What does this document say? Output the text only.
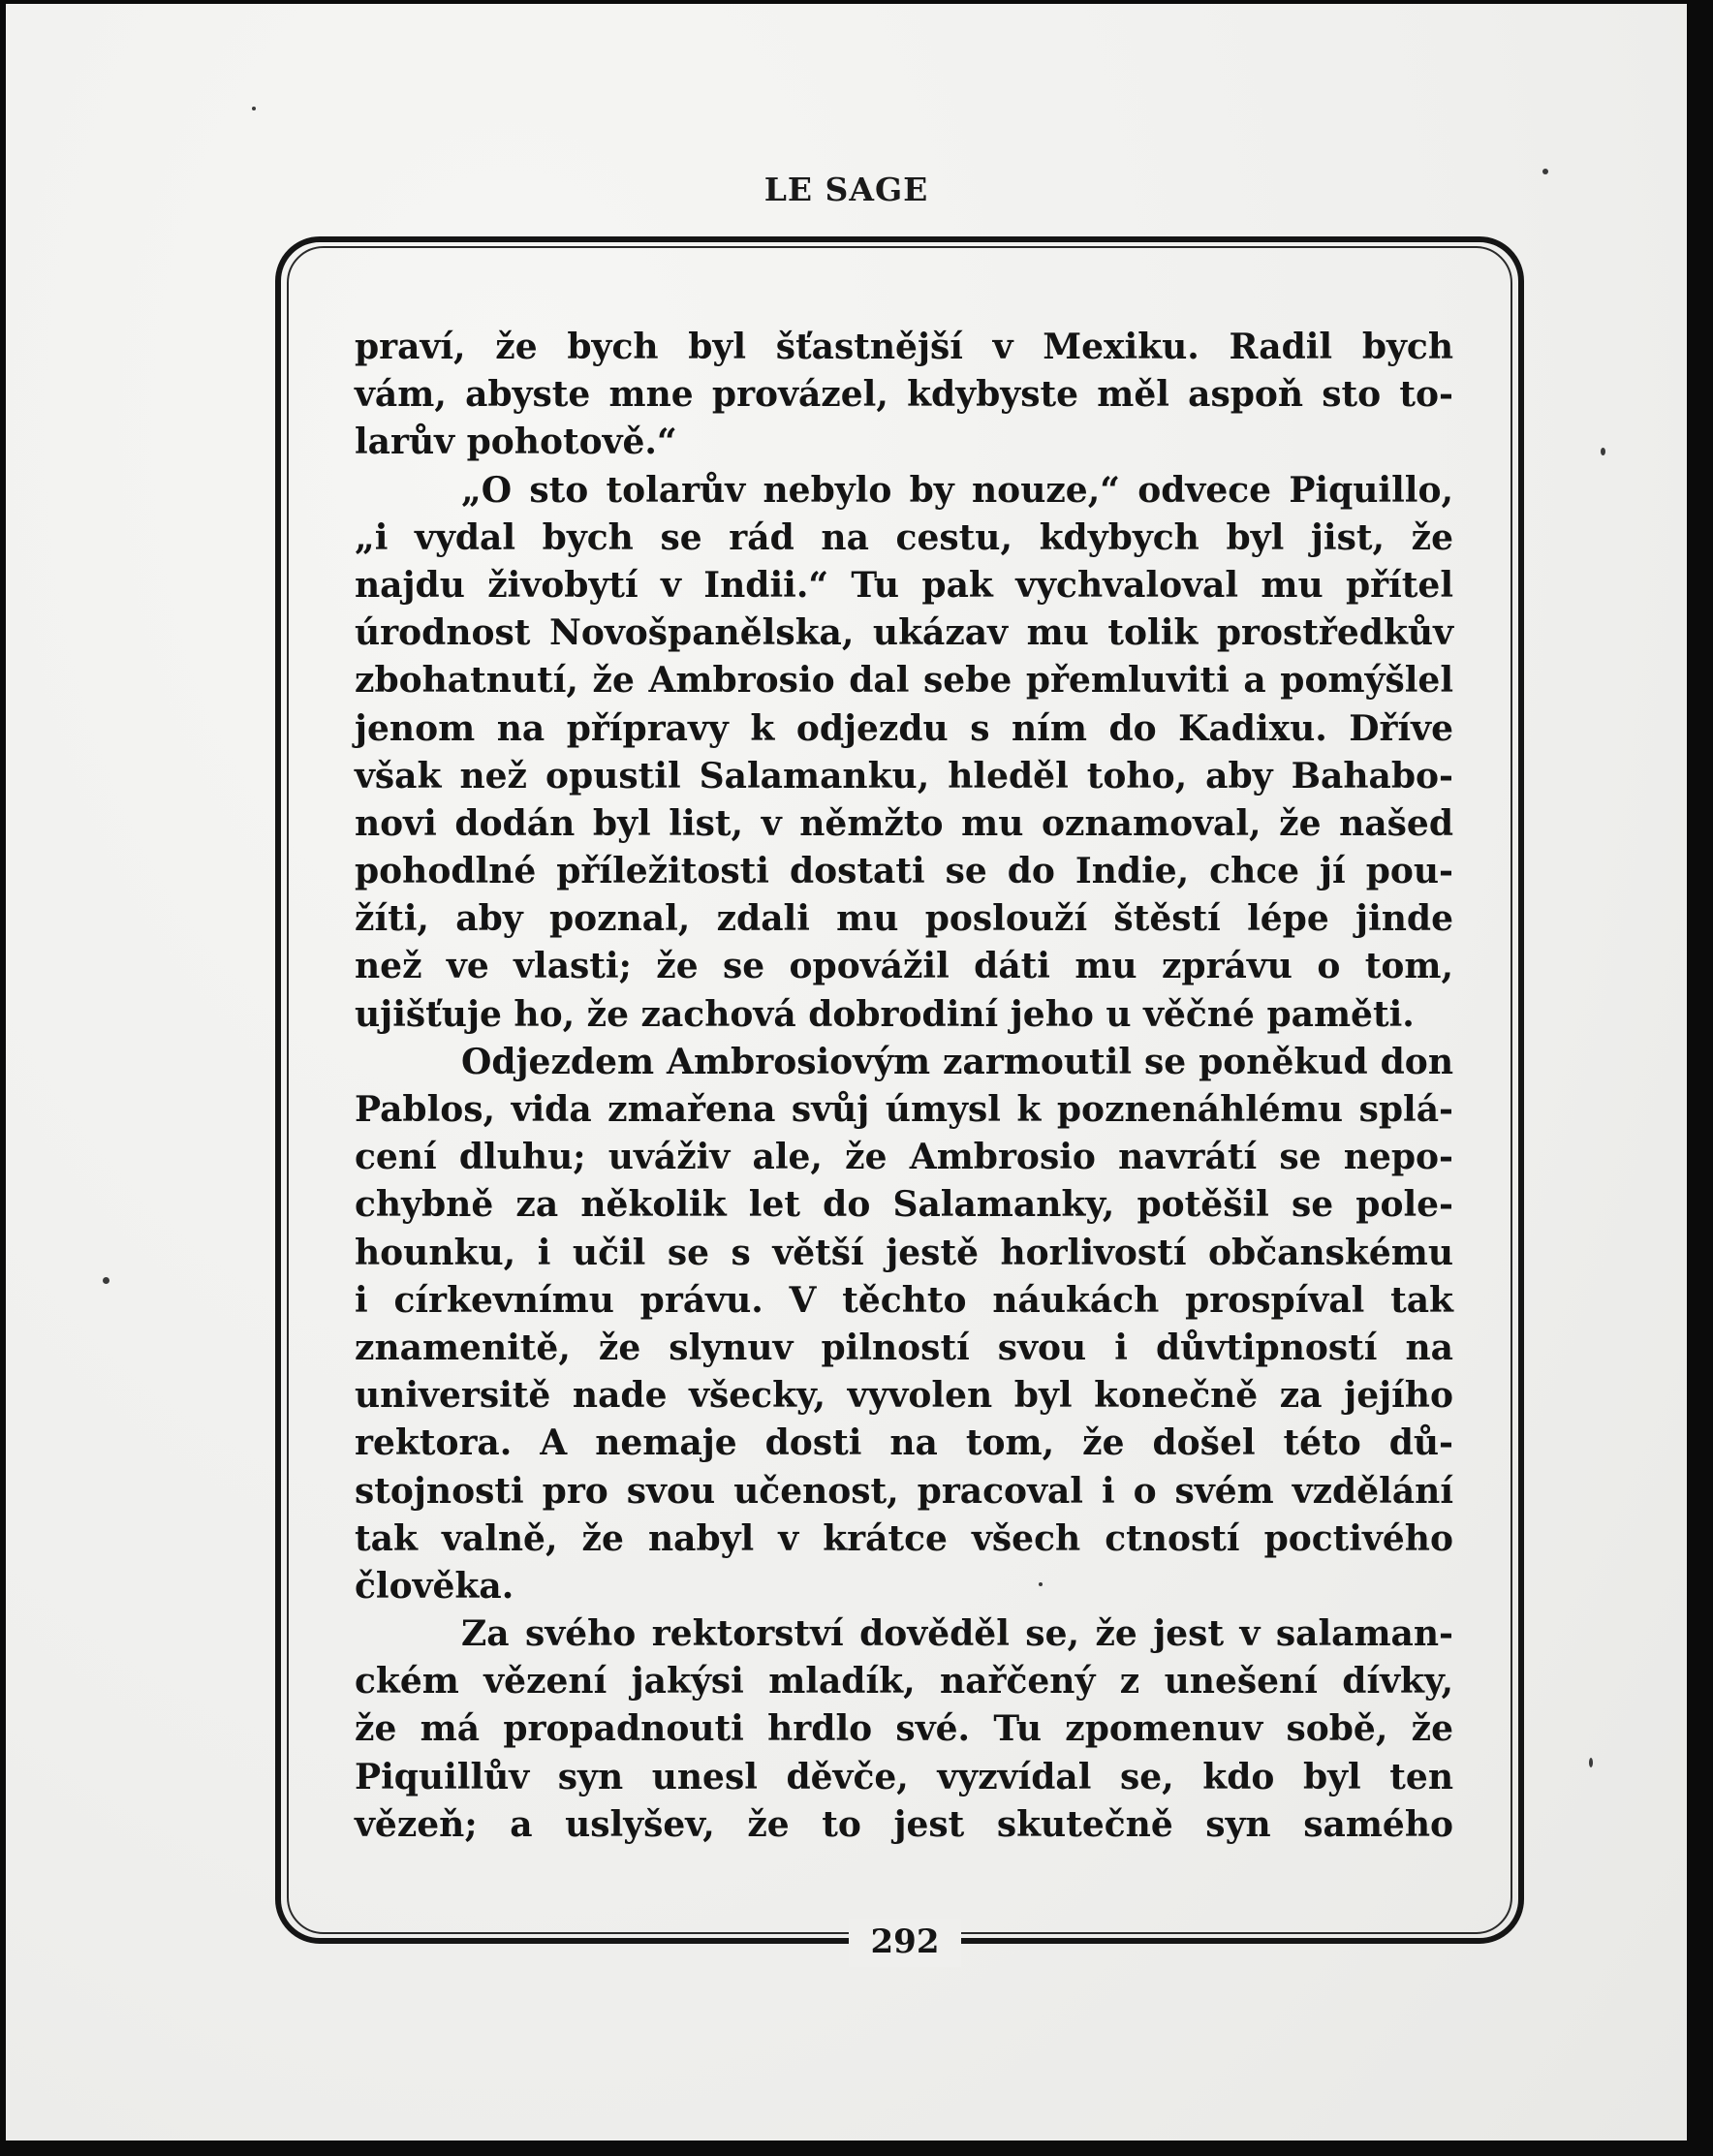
LE SAGE
292
praví, že bych byl šťastnější v Mexiku. Radil bych
vám, abyste mne provázel, kdybyste měl aspoň sto to-
larův pohotově.“
„O sto tolarův nebylo by nouze,“ odvece Piquillo,
„i vydal bych se rád na cestu, kdybych byl jist, že
najdu živobytí v Indii.“ Tu pak vychvaloval mu přítel
úrodnost Novošpanělska, ukázav mu tolik prostředkův
zbohatnutí, že Ambrosio dal sebe přemluviti a pomýšlel
jenom na přípravy k odjezdu s ním do Kadixu. Dříve
však než opustil Salamanku, hleděl toho, aby Bahabo-
novi dodán byl list, v němžto mu oznamoval, že našed
pohodlné příležitosti dostati se do Indie, chce jí pou-
žíti, aby poznal, zdali mu poslouží štěstí lépe jinde
než ve vlasti; že se opovážil dáti mu zprávu o tom,
ujišťuje ho, že zachová dobrodiní jeho u věčné paměti.
Odjezdem Ambrosiovým zarmoutil se poněkud don
Pablos, vida zmařena svůj úmysl k poznenáhlému splá-
cení dluhu; uváživ ale, že Ambrosio navrátí se nepo-
chybně za několik let do Salamanky, potěšil se pole-
hounku, i učil se s větší jestě horlivostí občanskému
i církevnímu právu. V těchto náukách prospíval tak
znamenitě, že slynuv pilností svou i důvtipností na
universitě nade všecky, vyvolen byl konečně za jejího
rektora. A nemaje dosti na tom, že došel této dů-
stojnosti pro svou učenost, pracoval i o svém vzdělání
tak valně, že nabyl v krátce všech ctností poctivého
člověka.
Za svého rektorství dověděl se, že jest v salaman-
ckém vězení jakýsi mladík, nařčený z unešení dívky,
že má propadnouti hrdlo své. Tu zpomenuv sobě, že
Piquillův syn unesl děvče, vyzvídal se, kdo byl ten
vězeň; a uslyšev, že to jest skutečně syn samého
